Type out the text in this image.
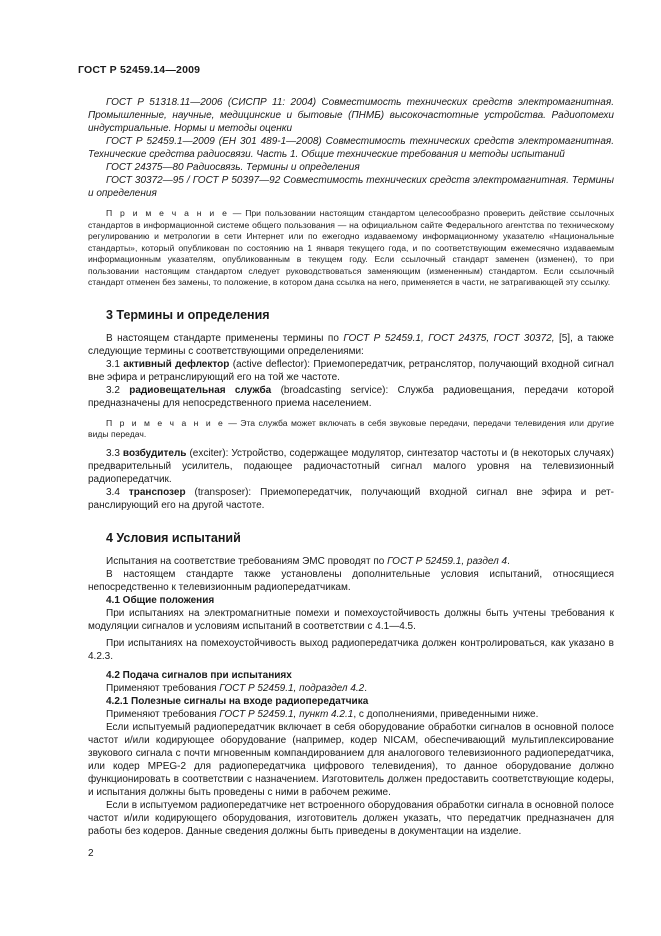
ГОСТ Р 52459.14—2009

ГОСТ Р 51318.11—2006 (СИСПР 11: 2004) Совместимость технических средств электромагнитная. Промышленные, научные, медицинские и бытовые (ПНМБ) высокочастотные устройства. Радиопомехи индустриальные. Нормы и методы оценки

ГОСТ Р 52459.1—2009 (ЕН 301 489-1—2008) Совместимость технических средств электромагнитная. Технические средства радиосвязи. Часть 1. Общие технические требования и методы испытаний

ГОСТ 24375—80 Радиосвязь. Термины и определения

ГОСТ 30372—95 / ГОСТ Р 50397—92 Совместимость технических средств электромагнитная. Термины и определения

П р и м е ч а н и е — При пользовании настоящим стандартом целесообразно проверить действие ссылочных стандартов в информационной системе общего пользования — на официальном сайте Федерального агентства по техническому регулированию и метрологии в сети Интернет или по ежегодно издаваемому информационному указателю «Национальные стандарты», который опубликован по состоянию на 1 января текущего года, и по соответствующим ежемесячно издаваемым информационным указателям, опубликованным в текущем году. Если ссылочный стандарт заменен (изменен), то при пользовании настоящим стандартом следует руководствоваться заменяющим (измененным) стандартом. Если ссылочный стандарт отменен без замены, то положение, в котором дана ссылка на него, применяется в части, не затрагивающей эту ссылку.

3 Термины и определения

В настоящем стандарте применены термины по ГОСТ Р 52459.1, ГОСТ 24375, ГОСТ 30372, [5], а также следующие термины с соответствующими определениями:

3.1 активный дефлектор (active deflector): Приемопередатчик, ретранслятор, получающий входной сигнал вне эфира и ретранслирующий его на той же частоте.

3.2 радиовещательная служба (broadcasting service): Служба радиовещания, передачи которой предназначены для непосредственного приема населением.

П р и м е ч а н и е — Эта служба может включать в себя звуковые передачи, передачи телевидения или другие виды передач.

3.3 возбудитель (exciter): Устройство, содержащее модулятор, синтезатор частоты и (в некоторых случаях) предварительный усилитель, подающее радиочастотный сигнал малого уровня на телевизионный радиопередатчик.

3.4 транспозер (transposer): Приемопередатчик, получающий входной сигнал вне эфира и ретранслирующий его на другой частоте.

4 Условия испытаний

Испытания на соответствие требованиям ЭМС проводят по ГОСТ Р 52459.1, раздел 4.

В настоящем стандарте также установлены дополнительные условия испытаний, относящиеся непосредственно к телевизионным радиопередатчикам.

4.1 Общие положения

При испытаниях на электромагнитные помехи и помехоустойчивость должны быть учтены требования к модуляции сигналов и условиям испытаний в соответствии с 4.1—4.5.

При испытаниях на помехоустойчивость выход радиопередатчика должен контролироваться, как указано в 4.2.3.

4.2 Подача сигналов при испытаниях

Применяют требования ГОСТ Р 52459.1, подраздел 4.2.

4.2.1 Полезные сигналы на входе радиопередатчика

Применяют требования ГОСТ Р 52459.1, пункт 4.2.1, с дополнениями, приведенными ниже.

Если испытуемый радиопередатчик включает в себя оборудование обработки сигналов в основной полосе частот и/или кодирующее оборудование (например, кодер NICAM, обеспечивающий мультиплексирование звукового сигнала с почти мгновенным компандированием для аналогового телевизионного радиопередатчика, или кодер MPEG-2 для радиопередатчика цифрового телевидения), то данное оборудование должно функционировать в соответствии с назначением. Изготовитель должен предоставить соответствующие кодеры, и испытания должны быть проведены с ними в рабочем режиме.

Если в испытуемом радиопередатчике нет встроенного оборудования обработки сигнала в основной полосе частот и/или кодирующего оборудования, изготовитель должен указать, что передатчик предназначен для работы без кодеров. Данные сведения должны быть приведены в документации на изделие.

2
